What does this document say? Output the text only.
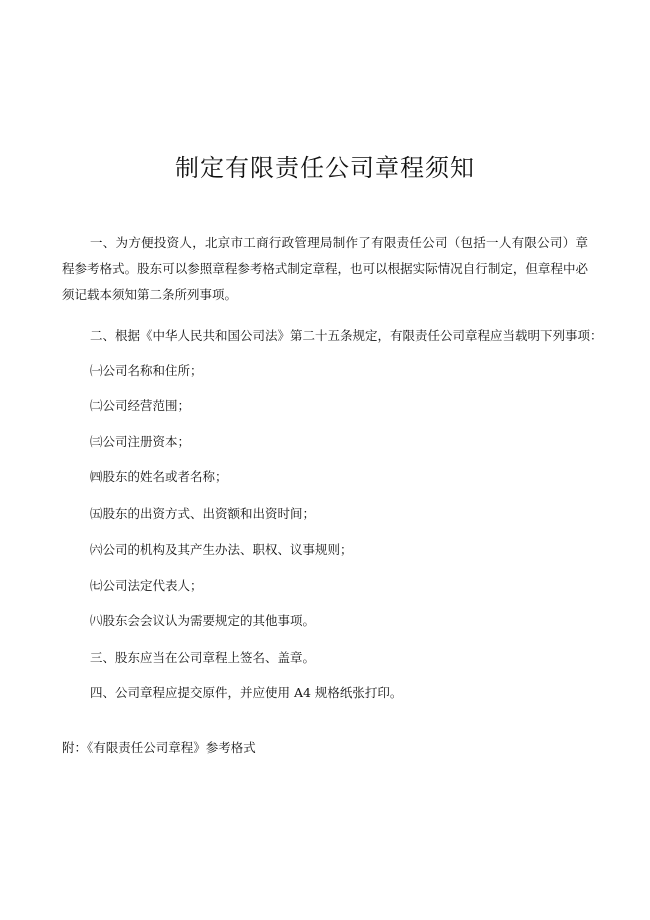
制定有限责任公司章程须知

一、为方便投资人，北京市工商行政管理局制作了有限责任公司（包括一人有限公司）章程参考格式。股东可以参照章程参考格式制定章程，也可以根据实际情况自行制定，但章程中必须记载本须知第二条所列事项。

二、根据《中华人民共和国公司法》第二十五条规定，有限责任公司章程应当载明下列事项：

㈠公司名称和住所；

㈡公司经营范围；

㈢公司注册资本；

㈣股东的姓名或者名称；

㈤股东的出资方式、出资额和出资时间；

㈥公司的机构及其产生办法、职权、议事规则；

㈦公司法定代表人；

㈧股东会会议认为需要规定的其他事项。

三、股东应当在公司章程上签名、盖章。

四、公司章程应提交原件，并应使用 A4 规格纸张打印。

附：《有限责任公司章程》参考格式
